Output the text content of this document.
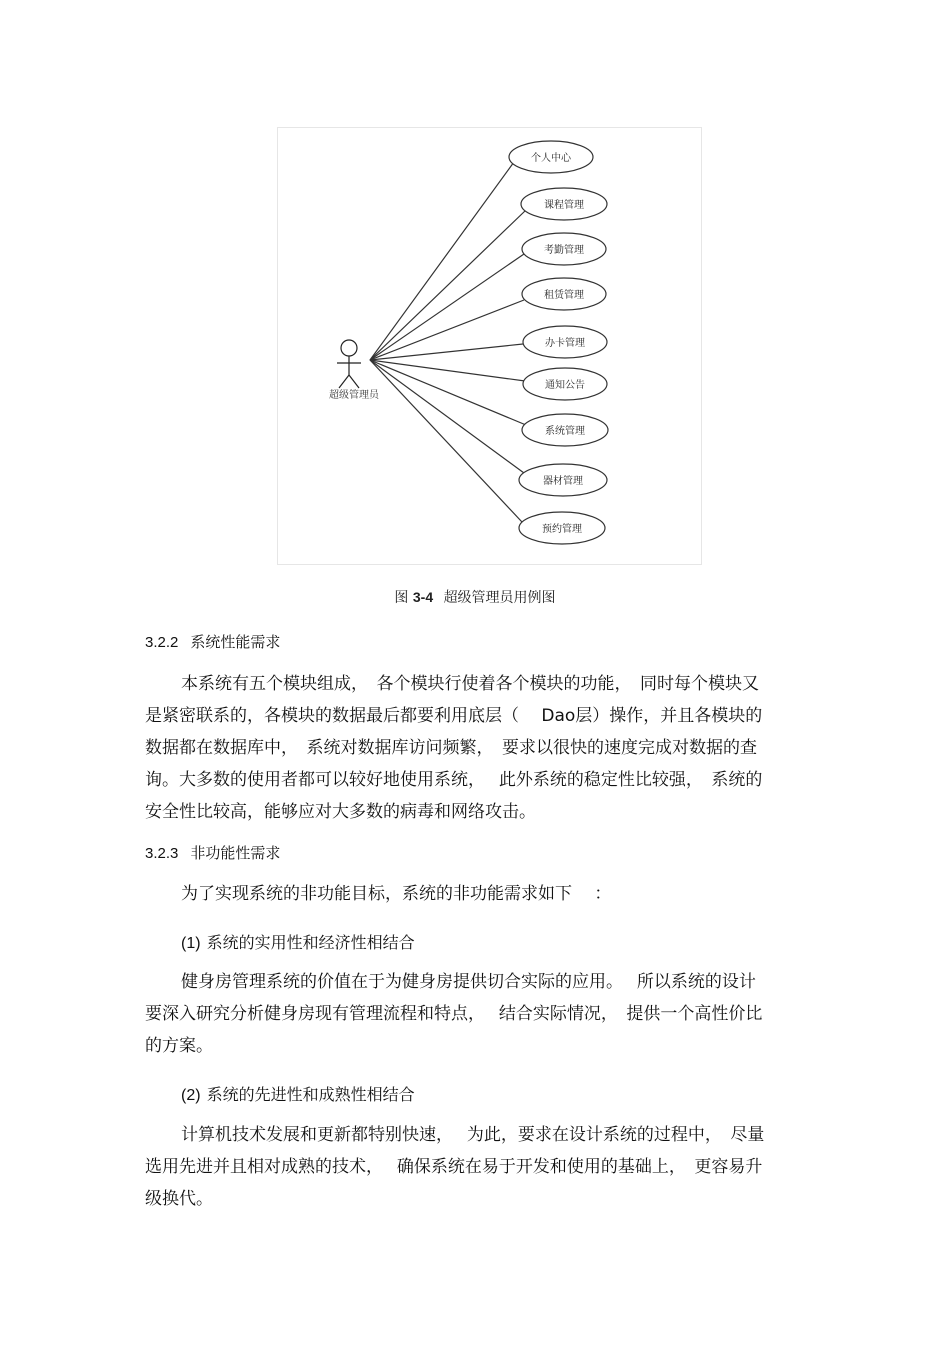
超级管理员
个人中心
课程管理
考勤管理
租赁管理
办卡管理
通知公告
系统管理
器材管理
预约管理
图 3-4 超级管理员用例图
3.2.2 系统性能需求

本系统有五个模块组成，　各个模块行使着各个模块的功能，　同时每个模块又
是紧密联系的，各模块的数据最后都要利用底层（　 Dao层）操作，并且各模块的
数据都在数据库中，　系统对数据库访问频繁，　要求以很快的速度完成对数据的查
询。大多数的使用者都可以较好地使用系统，　 此外系统的稳定性比较强，　系统的
安全性比较高，能够应对大多数的病毒和网络攻击。

3.2.3 非功能性需求

为了实现系统的非功能目标，系统的非功能需求如下　 ：

(1) 系统的实用性和经济性相结合

健身房管理系统的价值在于为健身房提供切合实际的应用。　 所以系统的设计
要深入研究分析健身房现有管理流程和特点，　 结合实际情况，　提供一个高性价比
的方案。

(2) 系统的先进性和成熟性相结合

计算机技术发展和更新都特别快速，　 为此，要求在设计系统的过程中，　尽量
选用先进并且相对成熟的技术，　 确保系统在易于开发和使用的基础上，　更容易升
级换代。
